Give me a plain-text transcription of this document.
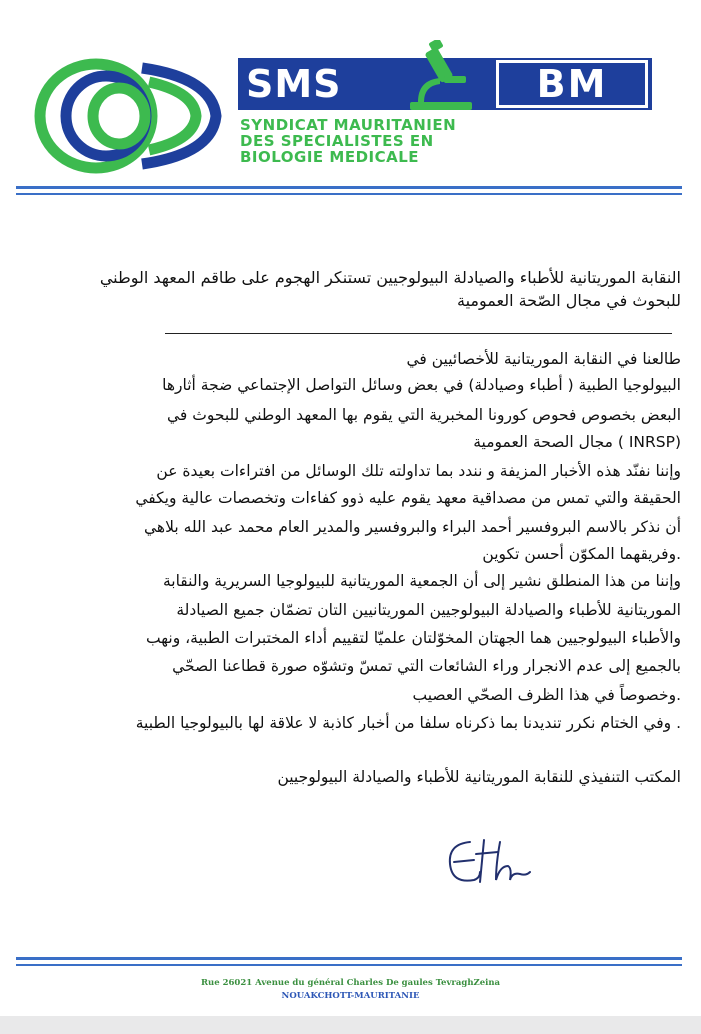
SMS	BM
SYNDICAT MAURITANIEN
DES SPECIALISTES EN
BIOLOGIE MEDICALE
النقابة الموريتانية للأطباء والصيادلة البيولوجيين تستنكر الهجوم على طاقم المعهد الوطني
للبحوث في مجال الصّحة العمومية
طالعنا في النقابة الموريتانية للأخصائيين في
البيولوجيا الطبية ( أطباء وصيادلة) في بعض وسائل التواصل الإجتماعي ضجة أثارها
البعض بخصوص فحوص كورونا المخبرية التي يقوم بها المعهد الوطني للبحوث في
(INRSP ) مجال الصحة العمومية
وإننا نفنّد هذه الأخبار المزيفة و نندد بما تداولته تلك الوسائل من افتراءات بعيدة عن
الحقيقة والتي تمس من مصداقية معهد يقوم عليه ذوو كفاءات وتخصصات عالية ويكفي
أن نذكر بالاسم البروفسير أحمد البراء والبروفسير والمدير العام محمد عبد الله بلاهي
.وفريقهما المكوّن أحسن تكوين
وإننا من هذا المنطلق نشير إلى أن الجمعية الموريتانية للبيولوجيا السريرية والنقابة
الموريتانية للأطباء والصيادلة البيولوجيين الموريتانيين التان تضمّان جميع الصيادلة
والأطباء البيولوجيين هما الجهتان المخوّلتان علميّا لتقييم أداء المختبرات الطبية، ونهب
بالجميع إلى عدم الانجرار وراء الشائعات التي تمسّ وتشوّه صورة قطاعنا الصحّي
.وخصوصاً في هذا الظرف الصحّي العصيب
. وفي الختام نكرر تنديدنا بما ذكرناه سلفا من أخبار كاذبة لا علاقة لها بالبيولوجيا الطبية
المكتب التنفيذي للنقابة الموريتانية للأطباء والصيادلة البيولوجيين
Rue 26021 Avenue du général Charles De gaules TevraghZeina
NOUAKCHOTT-MAURITANIE
